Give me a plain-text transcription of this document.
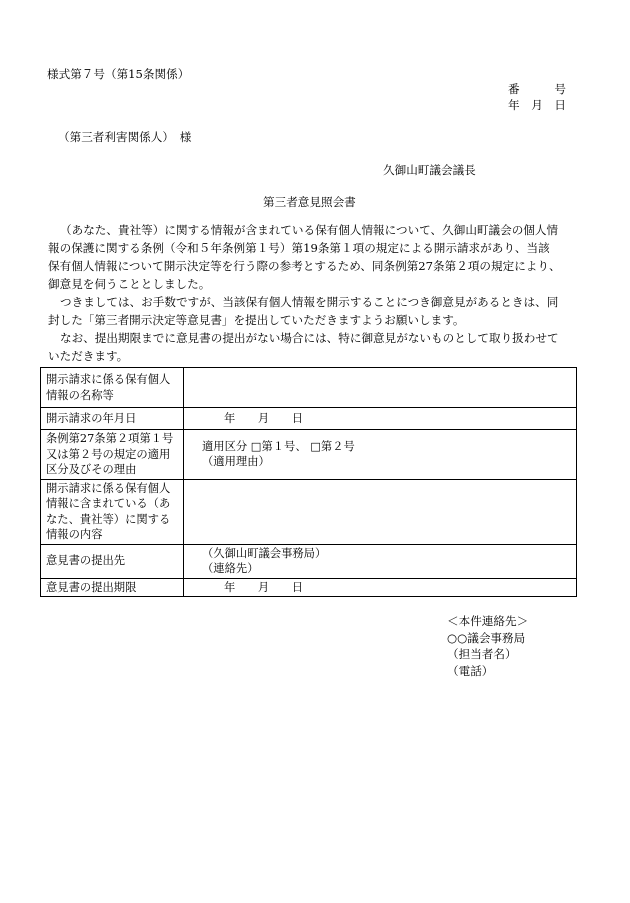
様式第７号（第15条関係）
番　　　号
年　月　日
（第三者利害関係人）　様
久御山町議会議長
第三者意見照会書
（あなた、貴社等）に関する情報が含まれている保有個人情報について、久御山町議会の個人情
報の保護に関する条例（令和５年条例第１号）第19条第１項の規定による開示請求があり、当該
保有個人情報について開示決定等を行う際の参考とするため、同条例第27条第２項の規定により、
御意見を伺うこととしました。
つきましては、お手数ですが、当該保有個人情報を開示することにつき御意見があるときは、同
封した「第三者開示決定等意見書」を提出していただきますようお願いします。
なお、提出期限までに意見書の提出がない場合には、特に御意見がないものとして取り扱わせて
いただきます。
開示請求に係る保有個人情報の名称等	
開示請求の年月日	年　　月　　日
条例第27条第２項第１号又は第２号の規定の適用区分及びその理由	適用区分 □第１号、 □第２号
（適用理由）

開示請求に係る保有個人情報に含まれている（あなた、貴社等）に関する情報の内容	
意見書の提出先	（久御山町議会事務局）
（連絡先）

意見書の提出期限	年　　月　　日
＜本件連絡先＞
○○議会事務局
（担当者名）
（電話）
